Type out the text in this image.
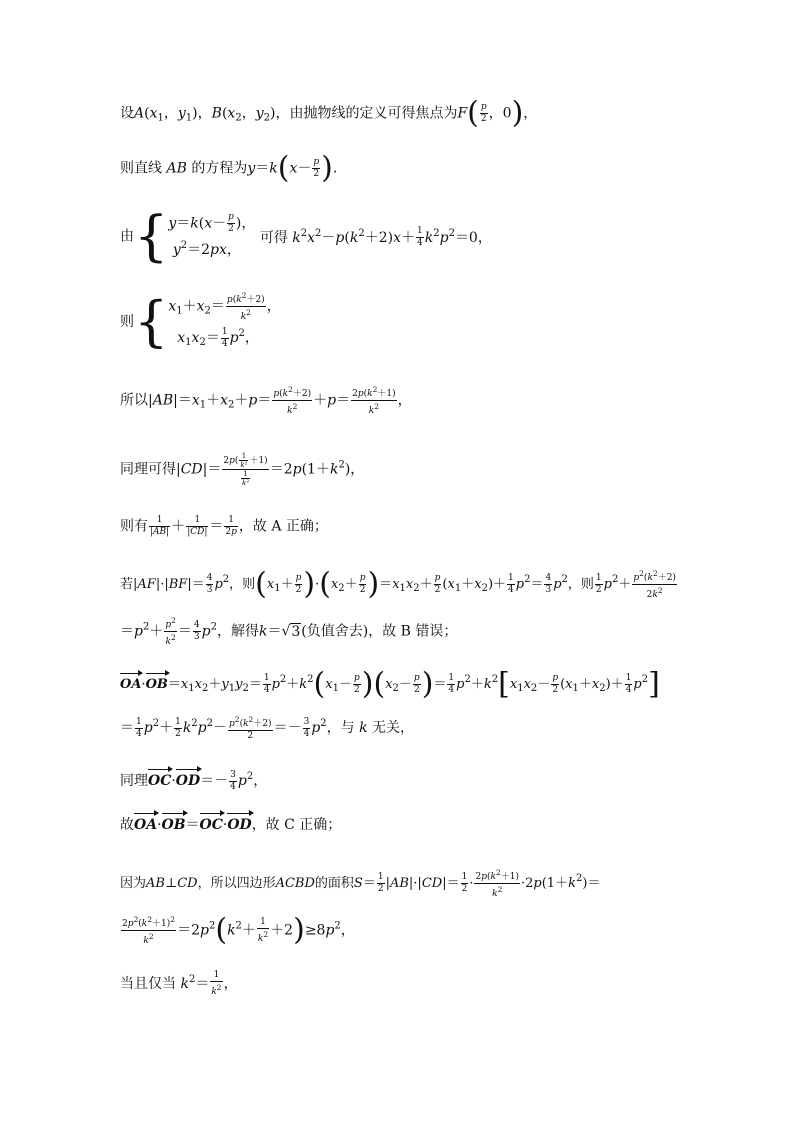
设$A(x_1$，$y_1$)，$B(x_2$，$y_2$)，由抛物线的定义可得焦点为$F( \frac{p}{2}$ ，0)，
则直线 AB 的方程为$y=k(x- \frac{p}{2}$ ).
由{$y=k(x- \frac{p}{2}$ )，
$y^2=2px$， 可得 $k^2x^2-p(k^2+2)x+ \frac{1}{4} k^2p^2=0$，
则{$x_1+x_2= \frac{p(k^2+2)}{k^2}$ ，
$x_1x_2= \frac{1}{4} p^2$，
所以$|AB|=x_1+x_2+p= \frac{p(k^2+2)}{k^2} +p= \frac{2p(k^2+1)}{k^2}$ ，
同理可得$|CD|= \frac{2p( \frac{1}{\text{k²}} +1)}{\frac{1}{\text{k²}}} =2p(1+k^2)$，
则有 $\frac{1}{|AB|} + \frac{1}{|CD|} = \frac{1}{2p}$ ，故 A 正确；
若$|AF|\cdot|BF|= \frac{4}{3} p^2$，则$(x_1+ \frac{p}{2} )\cdot(x_2+ \frac{p}{2} )=x_1x_2+ \frac{p}{2} (x_1+x_2)+ \frac{1}{4} p^2= \frac{4}{3} p^2$，则 $\frac{1}{2} p^2+ \frac{p^2(k^2+2)}{2k^2}$
$=p^2+ \frac{p^2}{k^2} = \frac{4}{3} p^2$，解得k＝√3(负值舍去)，故 B 错误；
$OA\cdot OB=x_1x_2+y_1y_2= \frac{1}{4} p^2+k^2(x_1- \frac{p}{2} )(x_2- \frac{p}{2}$ )＝ $\frac{1}{4} p^2+k^2[x_1x_2- \frac{p}{2} (x_1+x_2)+ \frac{1}{4} p^2]$
＝ $\frac{1}{4} p^2+ \frac{1}{2} k^2p^2- \frac{p^2(k^2+2)}{2} =- \frac{3}{4} p^2$，与 k 无关，
同理$OC\cdot OD=- \frac{3}{4} p^2$，
故OA·OB＝OC·OD，故 C 正确；
因为AB⊥CD，所以四边形ACBD的面积$S= \frac{1}{2} |AB|\cdot|CD|= \frac{1}{2} \cdot \frac{2p(k^2+1)}{k^2} \cdot 2p(1+k^2)=$
$\frac{2p^2(k^2+1)^2}{k^2} =2p^2(k^2+ \frac{1}{k^2} +2)\ge 8p^2$，
当且仅当 $k^2= \frac{1}{k^2}$ ，
